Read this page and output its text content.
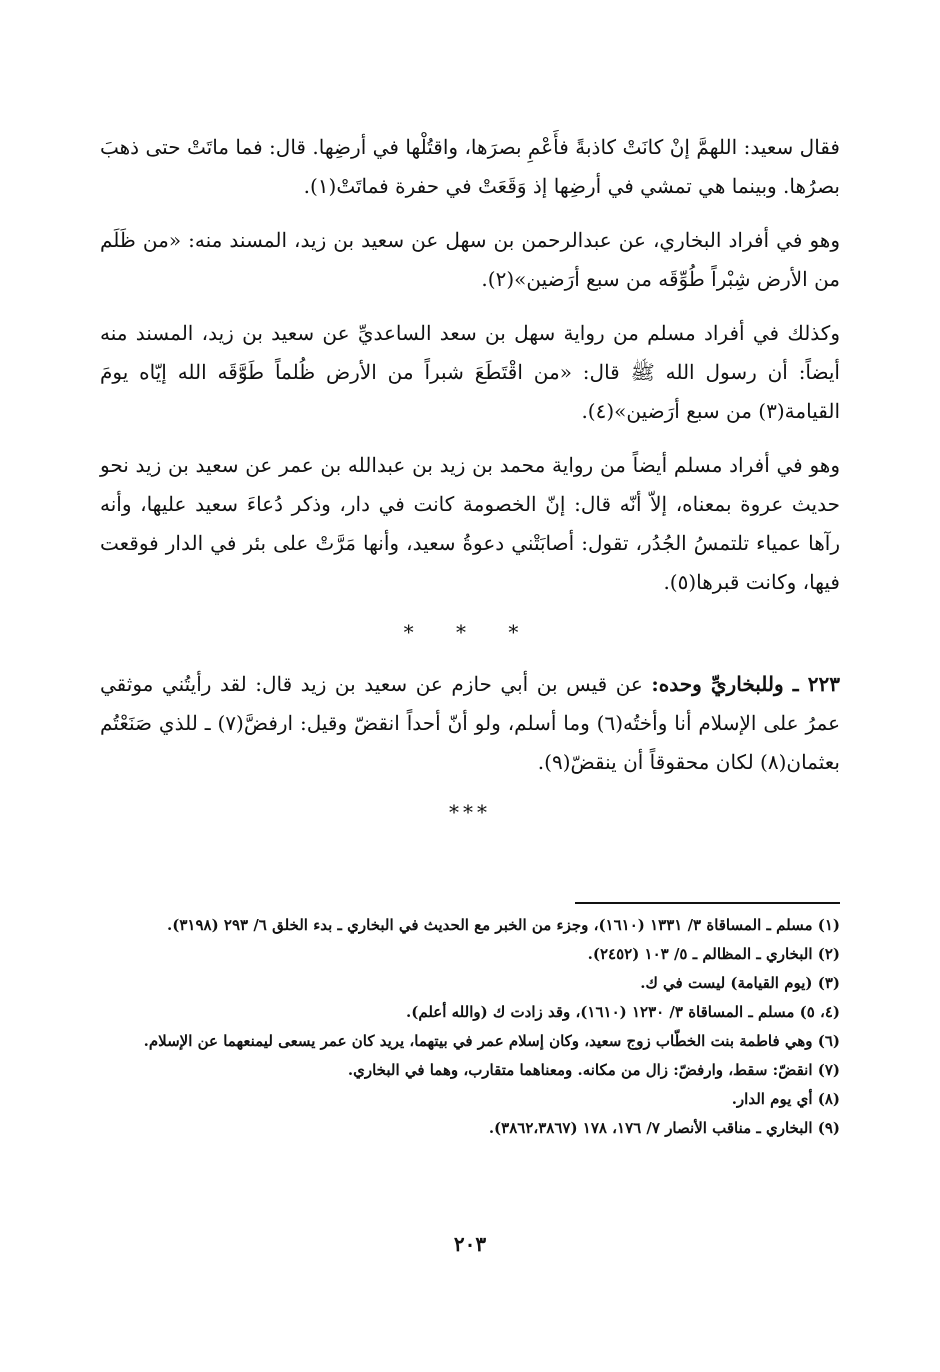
فقال سعيد: اللهمَّ إنْ كانَتْ كاذبةً فأَعْمِ بصرَها، واقتُلْها في أرضِها. قال: فما ماتَتْ حتى ذهبَ بصرُها. وبينما هي تمشي في أرضِها إذ وَقَعَتْ في حفرة فماتَتْ(١).

وهو في أفراد البخاري، عن عبدالرحمن بن سهل عن سعيد بن زيد، المسند منه: «من ظَلَم من الأرض شِبْراً طُوِّقَه من سبع أرَضين»(٢).

وكذلك في أفراد مسلم من رواية سهل بن سعد الساعديِّ عن سعيد بن زيد، المسند منه أيضاً: أن رسول الله ﷺ قال: «من اقْتَطَعَ شبراً من الأرض ظُلماً طَوَّقَه الله إيّاه يومَ القيامة(٣) من سبع أرَضين»(٤).

وهو في أفراد مسلم أيضاً من رواية محمد بن زيد بن عبدالله بن عمر عن سعيد بن زيد نحو حديث عروة بمعناه، إلاّ أنّه قال: إنّ الخصومة كانت في دار، وذكر دُعاءَ سعيد عليها، وأنه رآها عمياء تلتمسُ الجُدُر، تقول: أصابَتْني دعوةُ سعيد، وأنها مَرَّتْ على بئر في الدار فوقعت فيها، وكانت قبرها(٥).

* * *

٢٢٣ ـ وللبخاريِّ وحده: عن قيس بن أبي حازم عن سعيد بن زيد قال: لقد رأيتُني موثقي عمرُ على الإسلام أنا وأختُه(٦) وما أسلم، ولو أنّ أحداً انقضّ وقيل: ارفضَّ(٧) ـ للذي صَنَعْتُم بعثمان(٨) لكان محقوقاً أن ينقضّ(٩).

***
(١) مسلم ـ المساقاة ٣/ ١٣٣١ (١٦١٠)، وجزء من الخبر مع الحديث في البخاري ـ بدء الخلق ٦/ ٢٩٣ (٣١٩٨).
(٢) البخاري ـ المظالم ـ ٥/ ١٠٣ (٢٤٥٢).
(٣) (يوم القيامة) ليست في ك.
(٤، ٥) مسلم ـ المساقاة ٣/ ١٢٣٠ (١٦١٠)، وقد زادت ك (والله أعلم).
(٦) وهي فاطمة بنت الخطّاب زوج سعيد، وكان إسلام عمر في بيتهما، يريد كان عمر يسعى ليمنعهما عن الإسلام.
(٧) انقضّ: سقط، وارفضّ: زال من مكانه. ومعناهما متقارب، وهما في البخاري.
(٨) أي يوم الدار.
(٩) البخاري ـ مناقب الأنصار ٧/ ١٧٦، ١٧٨ (٣٨٦٢،٣٨٦٧).
٢٠٣
